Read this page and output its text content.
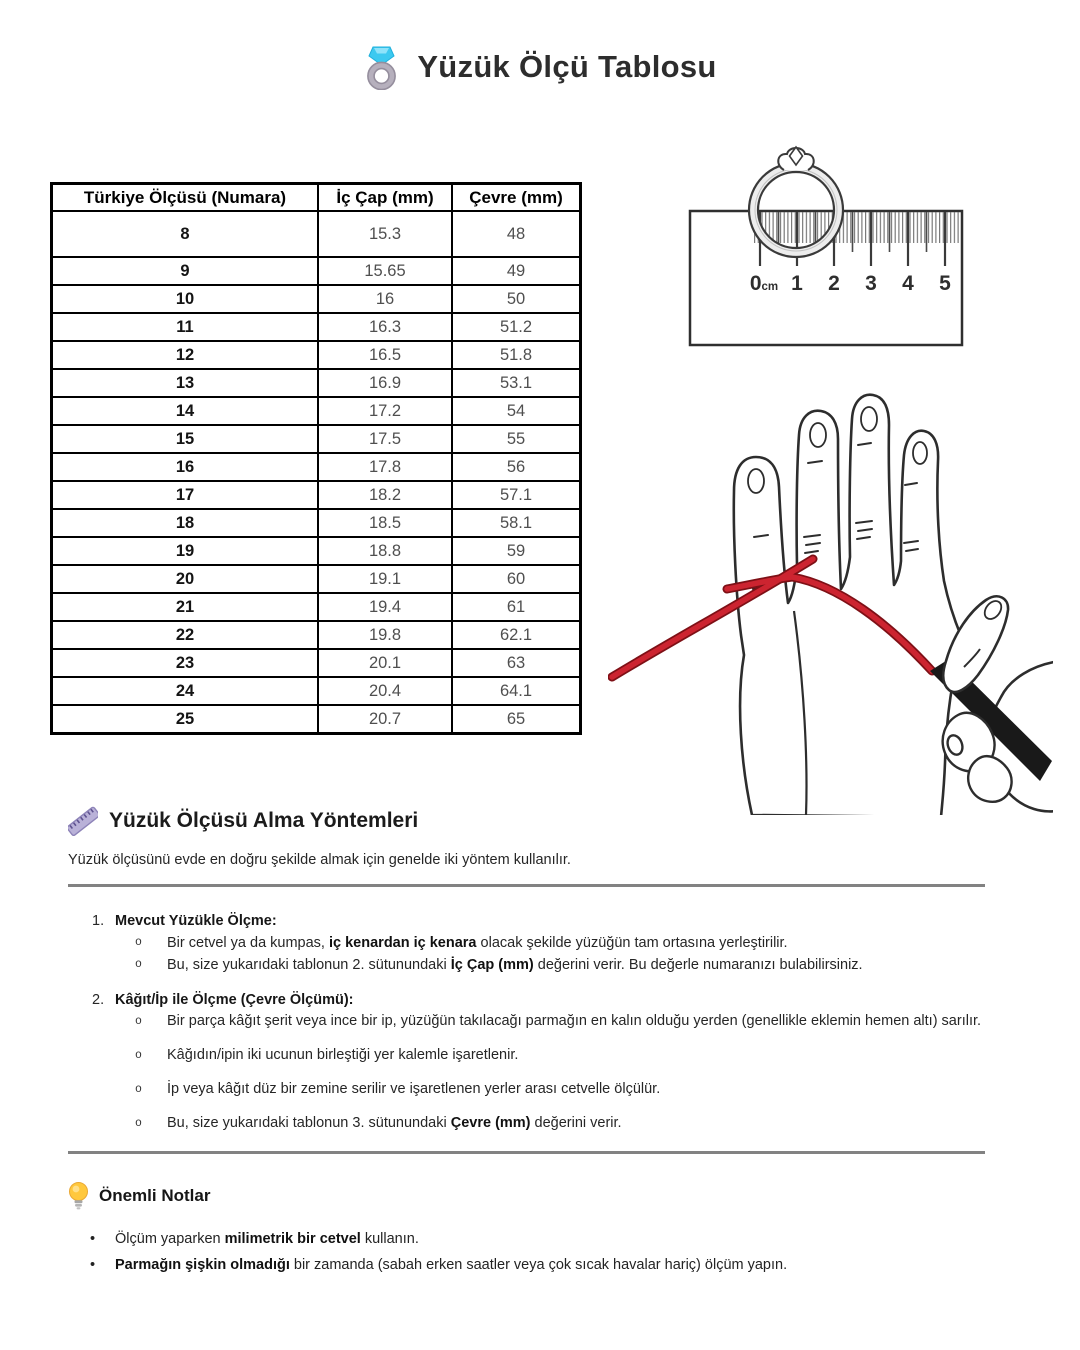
Yüzük Ölçü Tablosu
Türkiye Ölçüsü (Numara)	İç Çap (mm)	Çevre (mm)
8	15.3	48
9	15.65	49
10	16	50
11	16.3	51.2
12	16.5	51.8
13	16.9	53.1
14	17.2	54
15	17.5	55
16	17.8	56
17	18.2	57.1
18	18.5	58.1
19	18.8	59
20	19.1	60
21	19.4	61
22	19.8	62.1
23	20.1	63
24	20.4	64.1
25	20.7	65
0cm 1 2 3 4 5
Yüzük Ölçüsü Alma Yöntemleri

Yüzük ölçüsünü evde en doğru şekilde almak için genelde iki yöntem kullanılır.

1. Mevcut Yüzükle Ölçme:
o	Bir cetvel ya da kumpas, iç kenardan iç kenara olacak şekilde yüzüğün tam ortasına yerleştirilir.
o	Bu, size yukarıdaki tablonun 2. sütunundaki İç Çap (mm) değerini verir. Bu değerle numaranızı bulabilirsiniz.
2. Kâğıt/İp ile Ölçme (Çevre Ölçümü):
o	Bir parça kâğıt şerit veya ince bir ip, yüzüğün takılacağı parmağın en kalın olduğu yerden (genellikle eklemin hemen altı) sarılır.
o	Kâğıdın/ipin iki ucunun birleştiği yer kalemle işaretlenir.
o	İp veya kâğıt düz bir zemine serilir ve işaretlenen yerler arası cetvelle ölçülür.
o	Bu, size yukarıdaki tablonun 3. sütunundaki Çevre (mm) değerini verir.
Önemli Notlar
•	Ölçüm yaparken milimetrik bir cetvel kullanın.
•	Parmağın şişkin olmadığı bir zamanda (sabah erken saatler veya çok sıcak havalar hariç) ölçüm yapın.
